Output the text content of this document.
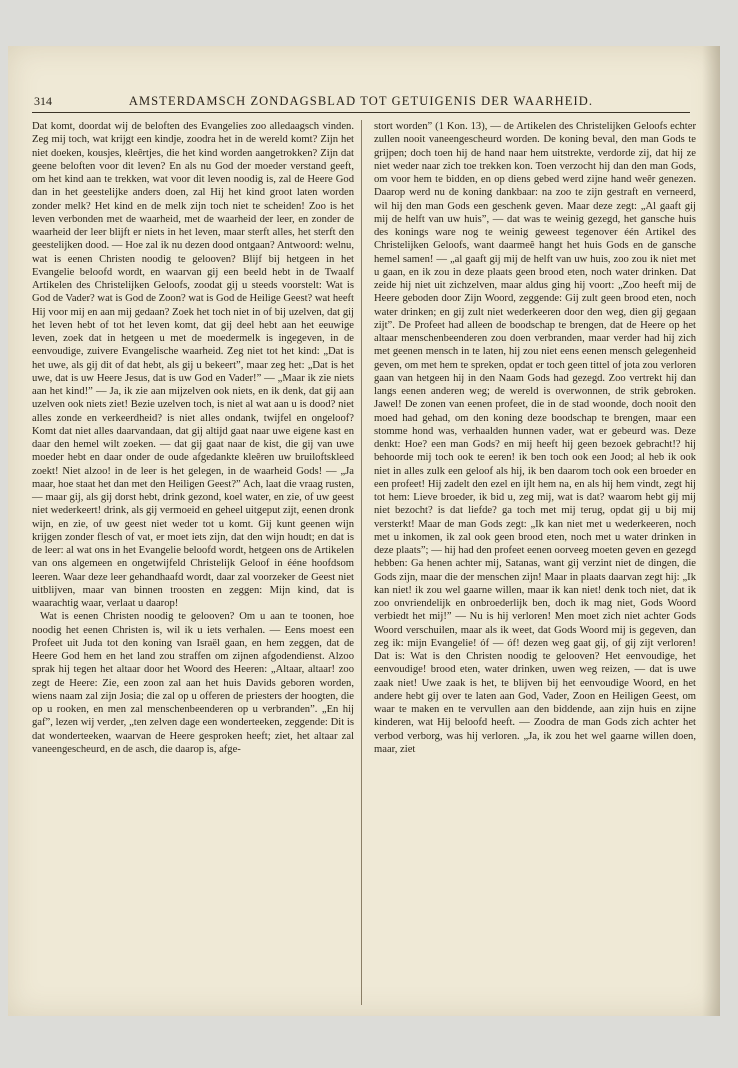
314	AMSTERDAMSCH ZONDAGSBLAD TOT GETUIGENIS DER WAARHEID.

Dat komt, doordat wij de beloften des Evangelies zoo alledaagsch vinden. Zeg mij toch, wat krijgt een kindje, zoodra het in de wereld komt? Zijn het niet doeken, kousjes, kleêrtjes, die het kind worden aangetrokken? Zijn dat geene beloften voor dit leven? En als nu God der moeder verstand geeft, om het kind aan te trekken, wat voor dit leven noodig is, zal de Heere God dan in het geestelijke anders doen, zal Hij het kind groot laten worden zonder melk? Het kind en de melk zijn toch niet te scheiden! Zoo is het leven verbonden met de waarheid, met de waarheid der leer, en zonder de waarheid der leer blijft er niets in het leven, maar sterft alles, het sterft den geestelijken dood. — Hoe zal ik nu dezen dood ontgaan? Antwoord: welnu, wat is eenen Christen noodig te gelooven? Blijf bij hetgeen in het Evangelie beloofd wordt, en waarvan gij een beeld hebt in de Twaalf Artikelen des Christelijken Geloofs, zoodat gij u steeds voorstelt: Wat is God de Vader? wat is God de Zoon? wat is God de Heilige Geest? wat heeft Hij voor mij en aan mij gedaan? Zoek het toch niet in of bij uzelven, dat gij het leven hebt of tot het leven komt, dat gij deel hebt aan het eeuwige leven, zoek dat in hetgeen u met de moedermelk is ingegeven, in de eenvoudige, zuivere Evangelische waarheid. Zeg niet tot het kind: „Dat is het uwe, als gij dit of dat hebt, als gij u bekeert”, maar zeg het: „Dat is het uwe, dat is uw Heere Jesus, dat is uw God en Vader!” — „Maar ik zie niets aan het kind!” — Ja, ik zie aan mijzelven ook niets, en ik denk, dat gij aan uzelven ook niets ziet! Bezie uzelven toch, is niet al wat aan u is dood? niet alles zonde en verkeerdheid? is niet alles ondank, twijfel en ongeloof? Komt dat niet alles daarvandaan, dat gij altijd gaat naar uwe eigene kast en daar den hemel wilt zoeken. — dat gij gaat naar de kist, die gij van uwe moeder hebt en daar onder de oude afgedankte kleêren uw bruiloftskleed zoekt! Niet alzoo! in de leer is het gelegen, in de waarheid Gods! — „Ja maar, hoe staat het dan met den Heiligen Geest?” Ach, laat die vraag rusten, — maar gij, als gij dorst hebt, drink gezond, koel water, en zie, of uw geest niet wederkeert! drink, als gij vermoeid en geheel uitgeput zijt, eenen dronk wijn, en zie, of uw geest niet weder tot u komt. Gij kunt geenen wijn krijgen zonder flesch of vat, er moet iets zijn, dat den wijn houdt; en dat is de leer: al wat ons in het Evangelie beloofd wordt, hetgeen ons de Artikelen van ons algemeen en ongetwijfeld Christelijk Geloof in ééne hoofdsom leeren. Waar deze leer gehandhaafd wordt, daar zal voorzeker de Geest niet uitblijven, maar van binnen troosten en zeggen: Mijn kind, dat is waarachtig waar, verlaat u daarop!

Wat is eenen Christen noodig te gelooven? Om u aan te toonen, hoe noodig het eenen Christen is, wil ik u iets verhalen. — Eens moest een Profeet uit Juda tot den koning van Israël gaan, en hem zeggen, dat de Heere God hem en het land zou straffen om zijnen afgodendienst. Alzoo sprak hij tegen het altaar door het Woord des Heeren: „Altaar, altaar! zoo zegt de Heere: Zie, een zoon zal aan het huis Davids geboren worden, wiens naam zal zijn Josia; die zal op u offeren de priesters der hoogten, die op u rooken, en men zal menschenbeenderen op u verbranden”. „En hij gaf”, lezen wij verder, „ten zelven dage een wonderteeken, zeggende: Dit is dat wonderteeken, waarvan de Heere gesproken heeft; ziet, het altaar zal vaneengescheurd, en de asch, die daarop is, afge-

stort worden” (1 Kon. 13), — de Artikelen des Christelijken Geloofs echter zullen nooit vaneengescheurd worden. De koning beval, den man Gods te grijpen; doch toen hij de hand naar hem uitstrekte, verdorde zij, dat hij ze niet weder naar zich toe trekken kon. Toen verzocht hij dan den man Gods, om voor hem te bidden, en op diens gebed werd zijne hand weêr genezen. Daarop werd nu de koning dankbaar: na zoo te zijn gestraft en verneerd, wil hij den man Gods een geschenk geven. Maar deze zegt: „Al gaaft gij mij de helft van uw huis”, — dat was te weinig gezegd, het gansche huis des konings ware nog te weinig geweest tegenover één Artikel des Christelijken Geloofs, want daarmeê hangt het huis Gods en de gansche hemel samen! — „al gaaft gij mij de helft van uw huis, zoo zou ik niet met u gaan, en ik zou in deze plaats geen brood eten, noch water drinken. Dat zeide hij niet uit zichzelven, maar aldus ging hij voort: „Zoo heeft mij de Heere geboden door Zijn Woord, zeggende: Gij zult geen brood eten, noch water drinken; en gij zult niet wederkeeren door den weg, dien gij gegaan zijt”. De Profeet had alleen de boodschap te brengen, dat de Heere op het altaar menschenbeenderen zou doen verbranden, maar verder had hij zich met geenen mensch in te laten, hij zou niet eens eenen mensch gelegenheid geven, om met hem te spreken, opdat er toch geen tittel of jota zou verloren gaan van hetgeen hij in den Naam Gods had gezegd. Zoo vertrekt hij dan langs eenen anderen weg; de wereld is overwonnen, de strik gebroken. Jawel! De zonen van eenen profeet, die in de stad woonde, doch nooit den moed had gehad, om den koning deze boodschap te brengen, maar een stomme hond was, verhaalden hunnen vader, wat er gebeurd was. Deze denkt: Hoe? een man Gods? en mij heeft hij geen bezoek gebracht!? hij behoorde mij toch ook te eeren! ik ben toch ook een Jood; al heb ik ook niet in alles zulk een geloof als hij, ik ben daarom toch ook een broeder en een profeet! Hij zadelt den ezel en ijlt hem na, en als hij hem vindt, zegt hij tot hem: Lieve broeder, ik bid u, zeg mij, wat is dat? waarom hebt gij mij niet bezocht? is dat liefde? ga toch met mij terug, opdat gij u bij mij versterkt! Maar de man Gods zegt: „Ik kan niet met u wederkeeren, noch met u inkomen, ik zal ook geen brood eten, noch met u water drinken in deze plaats”; — hij had den profeet eenen oorveeg moeten geven en gezegd hebben: Ga henen achter mij, Satanas, want gij verzint niet de dingen, die Gods zijn, maar die der menschen zijn! Maar in plaats daarvan zegt hij: „Ik kan niet! ik zou wel gaarne willen, maar ik kan niet! denk toch niet, dat ik zoo onvriendelijk en onbroederlijk ben, doch ik mag niet, Gods Woord verbiedt het mij!” — Nu is hij verloren! Men moet zich niet achter Gods Woord verschuilen, maar als ik weet, dat Gods Woord mij is gegeven, dan zeg ik: mijn Evangelie! óf — óf! dezen weg gaat gij, of gij zijt verloren! Dat is: Wat is den Christen noodig te gelooven? Het eenvoudige, het eenvoudige! brood eten, water drinken, uwen weg reizen, — dat is uwe zaak niet! Uwe zaak is het, te blijven bij het eenvoudige Woord, en het andere hebt gij over te laten aan God, Vader, Zoon en Heiligen Geest, om waar te maken en te vervullen aan den biddende, aan zijn huis en zijne kinderen, wat Hij beloofd heeft. — Zoodra de man Gods zich achter het verbod verborg, was hij verloren. „Ja, ik zou het wel gaarne willen doen, maar, ziet
